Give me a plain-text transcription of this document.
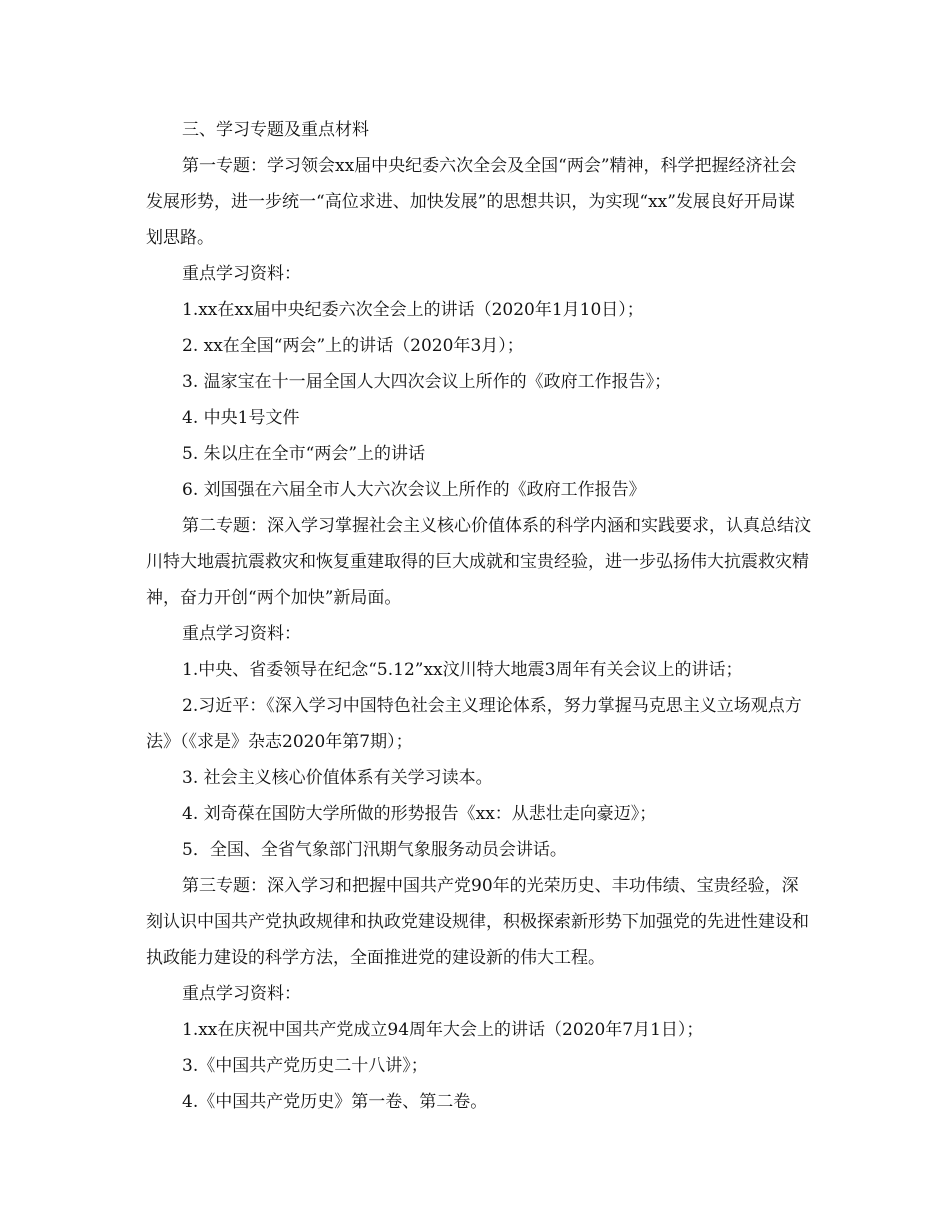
三、学习专题及重点材料

第一专题：学习领会xx届中央纪委六次全会及全国“两会”精神，科学把握经济社会发展形势，进一步统一“高位求进、加快发展”的思想共识，为实现“xx”发展良好开局谋划思路。

重点学习资料：

1.xx在xx届中央纪委六次全会上的讲话（2020年1月10日）；

2. xx在全国“两会”上的讲话（2020年3月）；

3. 温家宝在十一届全国人大四次会议上所作的《政府工作报告》；

4. 中央1号文件

5. 朱以庄在全市“两会”上的讲话

6. 刘国强在六届全市人大六次会议上所作的《政府工作报告》

第二专题：深入学习掌握社会主义核心价值体系的科学内涵和实践要求，认真总结汶川特大地震抗震救灾和恢复重建取得的巨大成就和宝贵经验，进一步弘扬伟大抗震救灾精神，奋力开创“两个加快”新局面。

重点学习资料：

1.中央、省委领导在纪念“5.12”xx汶川特大地震3周年有关会议上的讲话；

2.习近平：《深入学习中国特色社会主义理论体系，努力掌握马克思主义立场观点方法》（《求是》杂志2020年第7期）；

3. 社会主义核心价值体系有关学习读本。

4. 刘奇葆在国防大学所做的形势报告《xx：从悲壮走向豪迈》；

5．全国、全省气象部门汛期气象服务动员会讲话。

第三专题：深入学习和把握中国共产党90年的光荣历史、丰功伟绩、宝贵经验，深刻认识中国共产党执政规律和执政党建设规律，积极探索新形势下加强党的先进性建设和执政能力建设的科学方法，全面推进党的建设新的伟大工程。

重点学习资料：

1.xx在庆祝中国共产党成立94周年大会上的讲话（2020年7月1日）；

3.《中国共产党历史二十八讲》；

4.《中国共产党历史》第一卷、第二卷。
